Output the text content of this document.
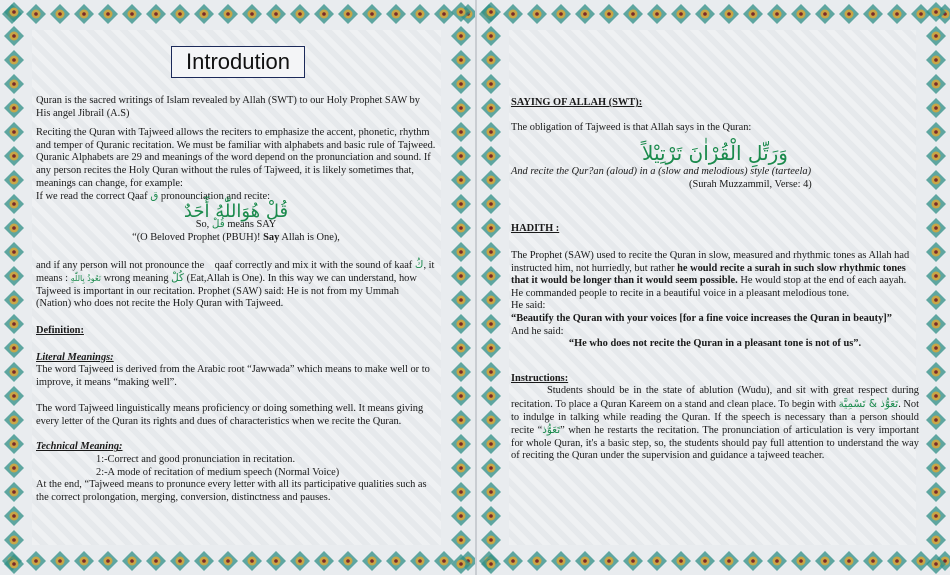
Introdution

Quran is the sacred writings of Islam revealed by Allah (SWT) to our Holy Prophet SAW by His angel Jibrail (A.S)

Reciting the Quran with Tajweed allows the reciters to emphasize the accent, phonetic, rhythm and temper of Quranic recitation. We must be familiar with alphabets and basic rule of Tajweed. Quranic Alphabets are 29 and meanings of the word depend on the pronunciation and sound. If any person recites the Holy Quran without the rules of Tajweed, it is likely sometimes that, meanings can change, for example:

If we read the correct Qaaf ق pronounciation and recite:

قُلْ هُوَاللّٰهُ أَحَدٌ

So, قُلْ means SAY

“(O Beloved Prophet (PBUH)! Say Allah is One),

and if any person will not pronounce the qaaf correctly and mix it with the sound of kaaf كُ, it means : نَعُوذُ بِاللّٰهِ wrong meaning كُلْ (Eat,Allah is One). In this way we can understand, how Tajweed is important in our recitation. Prophet (SAW) said: He is not from my Ummah (Nation) who does not recite the Holy Quran with Tajweed.

Definition:

Literal Meanings:

The word Tajweed is derived from the Arabic root “Jawwada” which means to make well or to improve, it means “making well”.

The word Tajweed linguistically means proficiency or doing something well. It means giving every letter of the Quran its rights and dues of characteristics when we recite the Quran.

Technical Meaning:

1:-Correct and good pronunciation in recitation.

2:-A mode of recitation of medium speech (Normal Voice)

At the end, “Tajweed means to pronunce every letter with all its participative qualities such as the correct prolongation, merging, conversion, distinctness and pauses.

SAYING OF ALLAH (SWT):

The obligation of Tajweed is that Allah says in the Quran:

وَرَتِّلِ الْقُرْاٰنَ تَرْتِيْلاً

And recite the Qur?an (aloud) in a (slow and melodious) style (tarteela)

(Surah Muzzammil, Verse: 4)

HADITH :

The Prophet (SAW) used to recite the Quran in slow, measured and rhythmic tones as Allah had instructed him, not hurriedly, but rather he would recite a surah in such slow rhythmic tones that it would be longer than it would seem possible. He would stop at the end of each aayah. He commanded people to recite in a beautiful voice in a pleasant melodious tone.

He said:

“Beautify the Quran with your voices [for a fine voice increases the Quran in beauty]”

And he said:

“He who does not recite the Quran in a pleasant tone is not of us”.

Instructions:

Students should be in the state of ablution (Wudu), and sit with great respect during recitation. To place a Quran Kareem on a stand and clean place. To begin with تَعَوُّذ & تَسْمِيَّة. Not to indulge in talking while reading the Quran. If the speech is necessary than a person should recite “تَعَوُّذ” when he restarts the recitation. The pronunciation of articulation is very important for whole Quran, it's a basic step, so, the students should pay full attention to understand the way of reciting the Quran under the supervision and guidance a tajweed teacher.
